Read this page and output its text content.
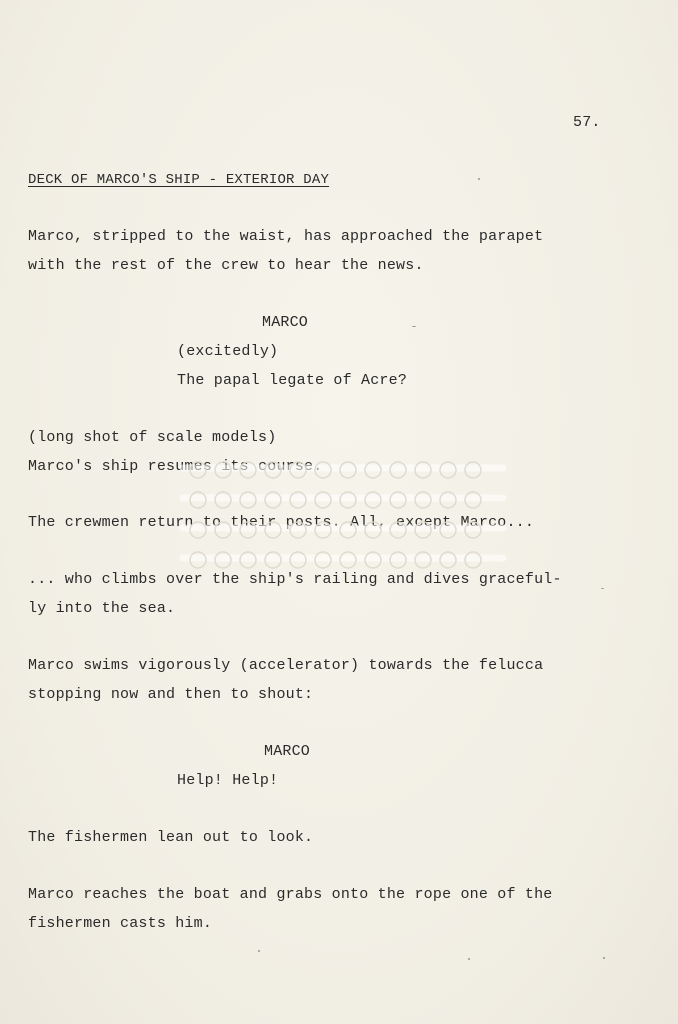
57.
DECK OF MARCO'S SHIP - EXTERIOR DAY
Marco, stripped to the waist, has approached the parapet
with the rest of the crew to hear the news.
MARCO
(excitedly)
The papal legate of Acre?
(long shot of scale models)
Marco's ship resumes its course.
The crewmen return to their posts. All, except Marco...
... who climbs over the ship's railing and dives graceful-
ly into the sea.
Marco swims vigorously (accelerator) towards the felucca
stopping now and then to shout:
MARCO
Help! Help!
The fishermen lean out to look.
Marco reaches the boat and grabs onto the rope one of the
fishermen casts him.
